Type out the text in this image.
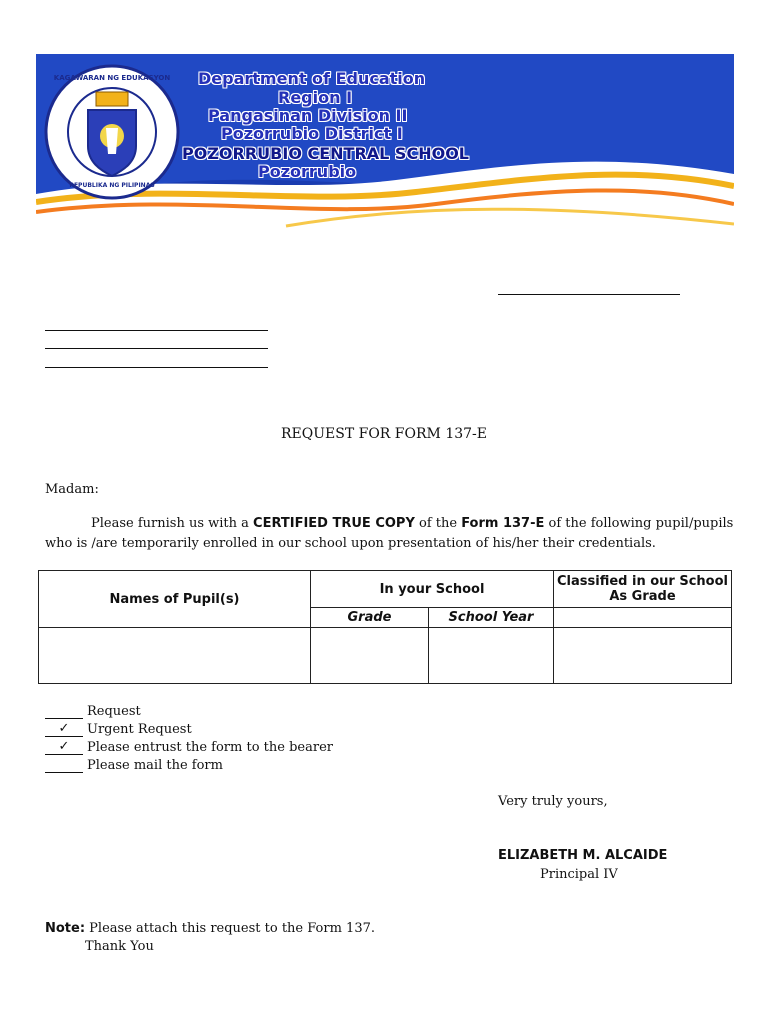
KAGAWARAN NG EDUKASYON
REPUBLIKA NG PILIPINAS
Department of Education
Region I
Pangasinan Division II
Pozorrubio District I
POZORRUBIO CENTRAL SCHOOL
Pozorrubio
REQUEST FOR FORM 137-E
Madam:
Please furnish us with a CERTIFIED TRUE COPY of the Form 137-E of the following pupil/pupils
who is /are temporarily enrolled in our school upon presentation of his/her their credentials.
Names of Pupil(s)	In your School		Classified in our School
As Grade
	Grade	School Year	

Request
✓ Urgent Request
✓ Please entrust the form to the bearer
Please mail the form
Very truly yours,
ELIZABETH M. ALCAIDE
Principal IV
Note: Please attach this request to the Form 137.
Thank You
